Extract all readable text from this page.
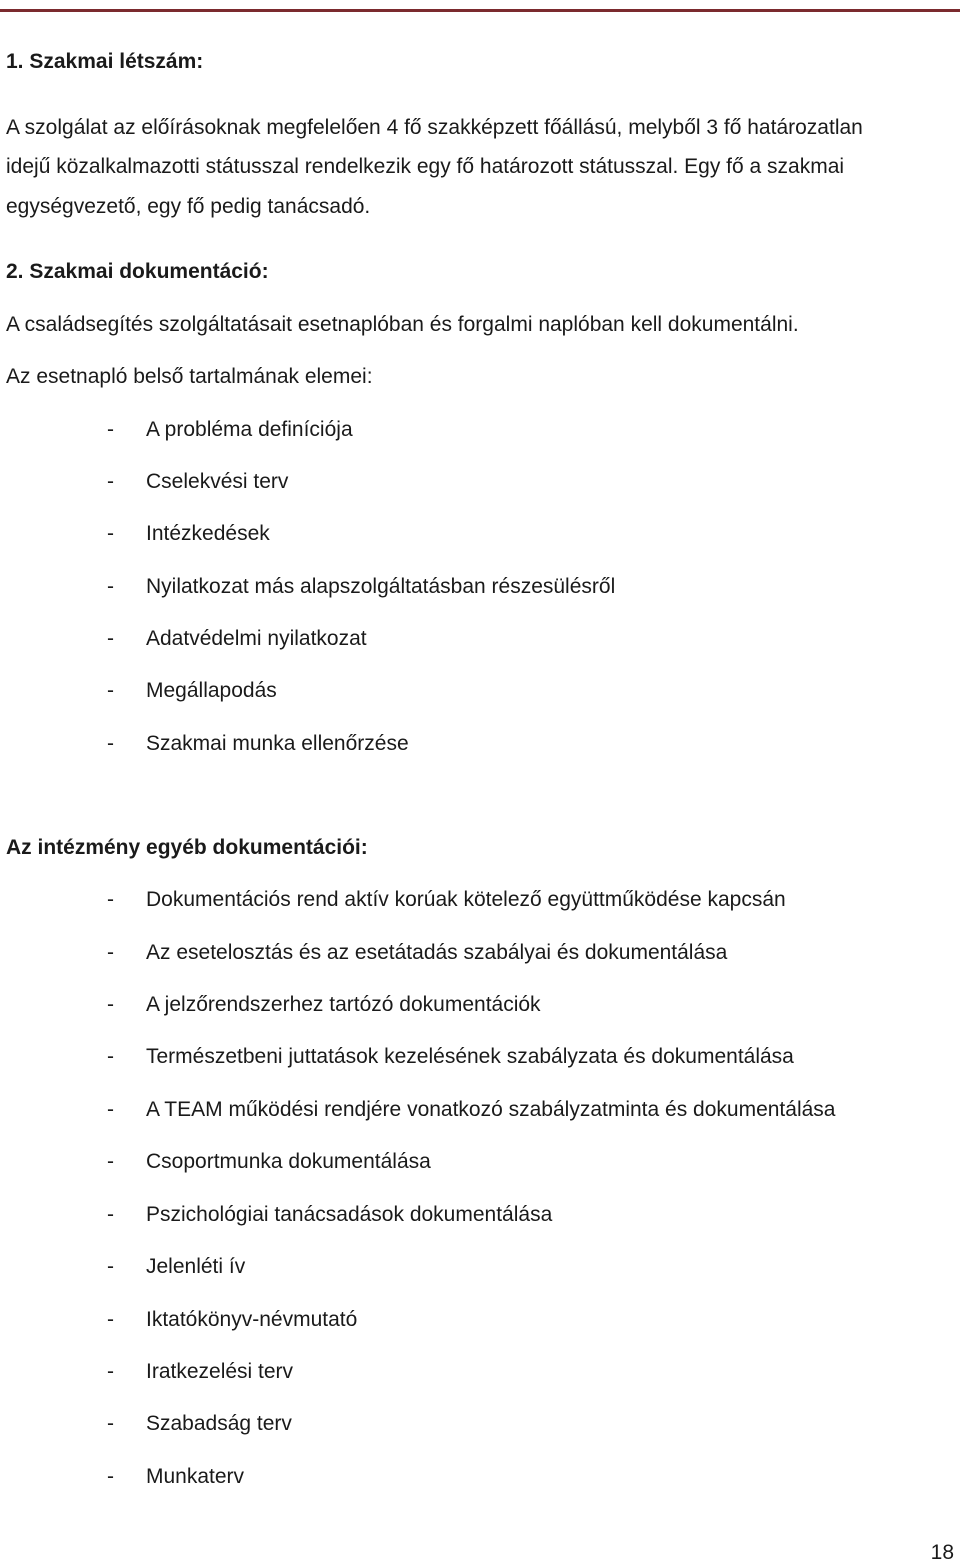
1. Szakmai létszám:
A szolgálat az előírásoknak megfelelően 4 fő szakképzett főállású, melyből 3 fő határozatlan
idejű közalkalmazotti státusszal rendelkezik egy fő határozott státusszal. Egy fő a szakmai
egységvezető, egy fő pedig tanácsadó.
2. Szakmai dokumentáció:
A családsegítés szolgáltatásait esetnaplóban és forgalmi naplóban kell dokumentálni.
Az esetnapló belső tartalmának elemei:
- A probléma definíciója
- Cselekvési terv
- Intézkedések
- Nyilatkozat más alapszolgáltatásban részesülésről
- Adatvédelmi nyilatkozat
- Megállapodás
- Szakmai munka ellenőrzése
Az intézmény egyéb dokumentációi:
- Dokumentációs rend aktív korúak kötelező együttműködése kapcsán
- Az esetelosztás és az esetátadás szabályai és dokumentálása
- A jelzőrendszerhez tartózó dokumentációk
- Természetbeni juttatások kezelésének szabályzata és dokumentálása
- A TEAM működési rendjére vonatkozó szabályzatminta és dokumentálása
- Csoportmunka dokumentálása
- Pszichológiai tanácsadások dokumentálása
- Jelenléti ív
- Iktatókönyv-névmutató
- Iratkezelési terv
- Szabadság terv
- Munkaterv
18
